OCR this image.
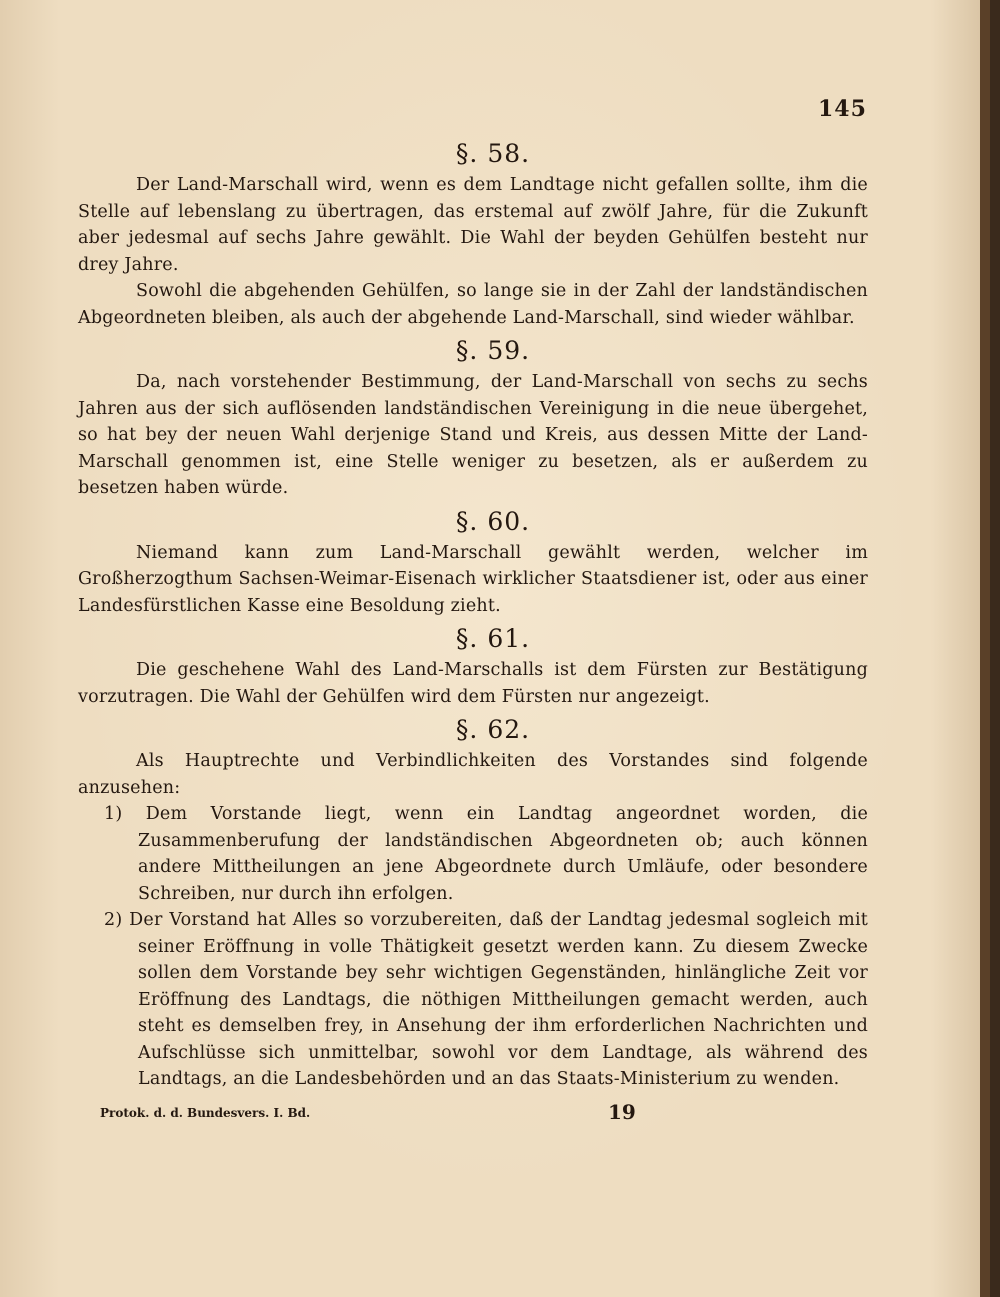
145
§. 58.

Der Land-Marschall wird, wenn es dem Landtage nicht gefallen sollte, ihm die Stelle auf lebenslang zu übertragen, das erstemal auf zwölf Jahre, für die Zukunft aber jedesmal auf sechs Jahre gewählt. Die Wahl der beyden Gehülfen besteht nur drey Jahre.

Sowohl die abgehenden Gehülfen, so lange sie in der Zahl der landständischen Abgeordneten bleiben, als auch der abgehende Land-Marschall, sind wieder wählbar.

§. 59.

Da, nach vorstehender Bestimmung, der Land-Marschall von sechs zu sechs Jahren aus der sich auflösenden landständischen Vereinigung in die neue übergehet, so hat bey der neuen Wahl derjenige Stand und Kreis, aus dessen Mitte der Land-Marschall genommen ist, eine Stelle weniger zu besetzen, als er außerdem zu besetzen haben würde.

§. 60.

Niemand kann zum Land-Marschall gewählt werden, welcher im Großherzogthum Sachsen-Weimar-Eisenach wirklicher Staatsdiener ist, oder aus einer Landesfürstlichen Kasse eine Besoldung zieht.

§. 61.

Die geschehene Wahl des Land-Marschalls ist dem Fürsten zur Bestätigung vorzutragen. Die Wahl der Gehülfen wird dem Fürsten nur angezeigt.

§. 62.

Als Hauptrechte und Verbindlichkeiten des Vorstandes sind folgende anzusehen:

1) Dem Vorstande liegt, wenn ein Landtag angeordnet worden, die Zusammenberufung der landständischen Abgeordneten ob; auch können andere Mittheilungen an jene Abgeordnete durch Umläufe, oder besondere Schreiben, nur durch ihn erfolgen.

2) Der Vorstand hat Alles so vorzubereiten, daß der Landtag jedesmal sogleich mit seiner Eröffnung in volle Thätigkeit gesetzt werden kann. Zu diesem Zwecke sollen dem Vorstande bey sehr wichtigen Gegenständen, hinlängliche Zeit vor Eröffnung des Landtags, die nöthigen Mittheilungen gemacht werden, auch steht es demselben frey, in Ansehung der ihm erforderlichen Nachrichten und Aufschlüsse sich unmittelbar, sowohl vor dem Landtage, als während des Landtags, an die Landesbehörden und an das Staats-Ministerium zu wenden.

Protok. d. d. Bundesvers. I. Bd.	19
